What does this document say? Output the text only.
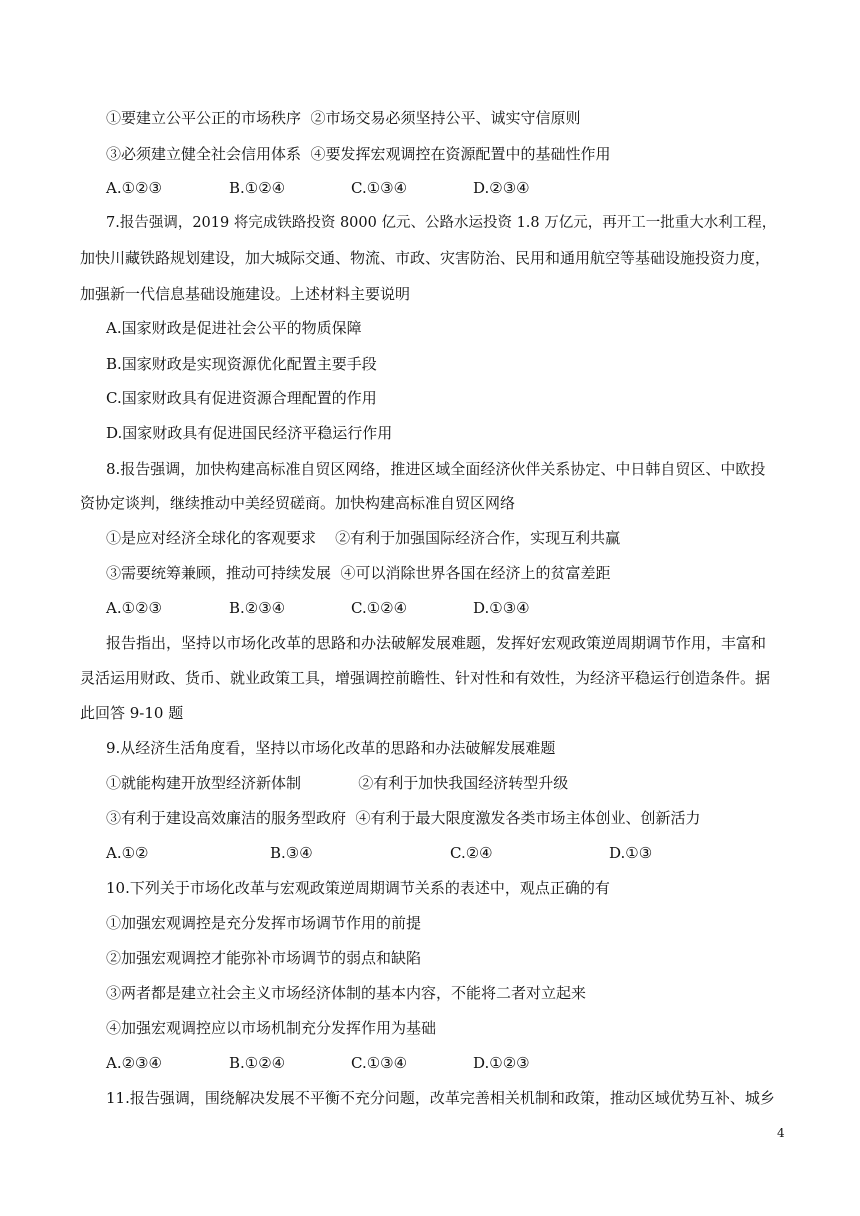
①要建立公平公正的市场秩序  ②市场交易必须坚持公平、诚实守信原则
③必须建立健全社会信用体系  ④要发挥宏观调控在资源配置中的基础性作用
A.①②③	B.①②④	C.①③④	D.②③④
7.报告强调，2019 将完成铁路投资 8000 亿元、公路水运投资 1.8 万亿元，再开工一批重大水利工程，
加快川藏铁路规划建设，加大城际交通、物流、市政、灾害防治、民用和通用航空等基础设施投资力度，
加强新一代信息基础设施建设。上述材料主要说明
A.国家财政是促进社会公平的物质保障
B.国家财政是实现资源优化配置主要手段
C.国家财政具有促进资源合理配置的作用
D.国家财政具有促进国民经济平稳运行作用
8.报告强调，加快构建高标准自贸区网络，推进区域全面经济伙伴关系协定、中日韩自贸区、中欧投
资协定谈判，继续推动中美经贸磋商。加快构建高标准自贸区网络
①是应对经济全球化的客观要求    ②有利于加强国际经济合作，实现互利共赢
③需要统筹兼顾，推动可持续发展  ④可以消除世界各国在经济上的贫富差距
A.①②③	B.②③④	C.①②④	D.①③④
报告指出，坚持以市场化改革的思路和办法破解发展难题，发挥好宏观政策逆周期调节作用，丰富和
灵活运用财政、货币、就业政策工具，增强调控前瞻性、针对性和有效性，为经济平稳运行创造条件。据
此回答 9-10 题
9.从经济生活角度看，坚持以市场化改革的思路和办法破解发展难题
①就能构建开放型经济新体制            ②有利于加快我国经济转型升级
③有利于建设高效廉洁的服务型政府  ④有利于最大限度激发各类市场主体创业、创新活力
A.①②	B.③④	C.②④	D.①③
10.下列关于市场化改革与宏观政策逆周期调节关系的表述中，观点正确的有
①加强宏观调控是充分发挥市场调节作用的前提
②加强宏观调控才能弥补市场调节的弱点和缺陷
③两者都是建立社会主义市场经济体制的基本内容，不能将二者对立起来
④加强宏观调控应以市场机制充分发挥作用为基础
A.②③④	B.①②④	C.①③④	D.①②③
11.报告强调，围绕解决发展不平衡不充分问题，改革完善相关机制和政策，推动区域优势互补、城乡
4
